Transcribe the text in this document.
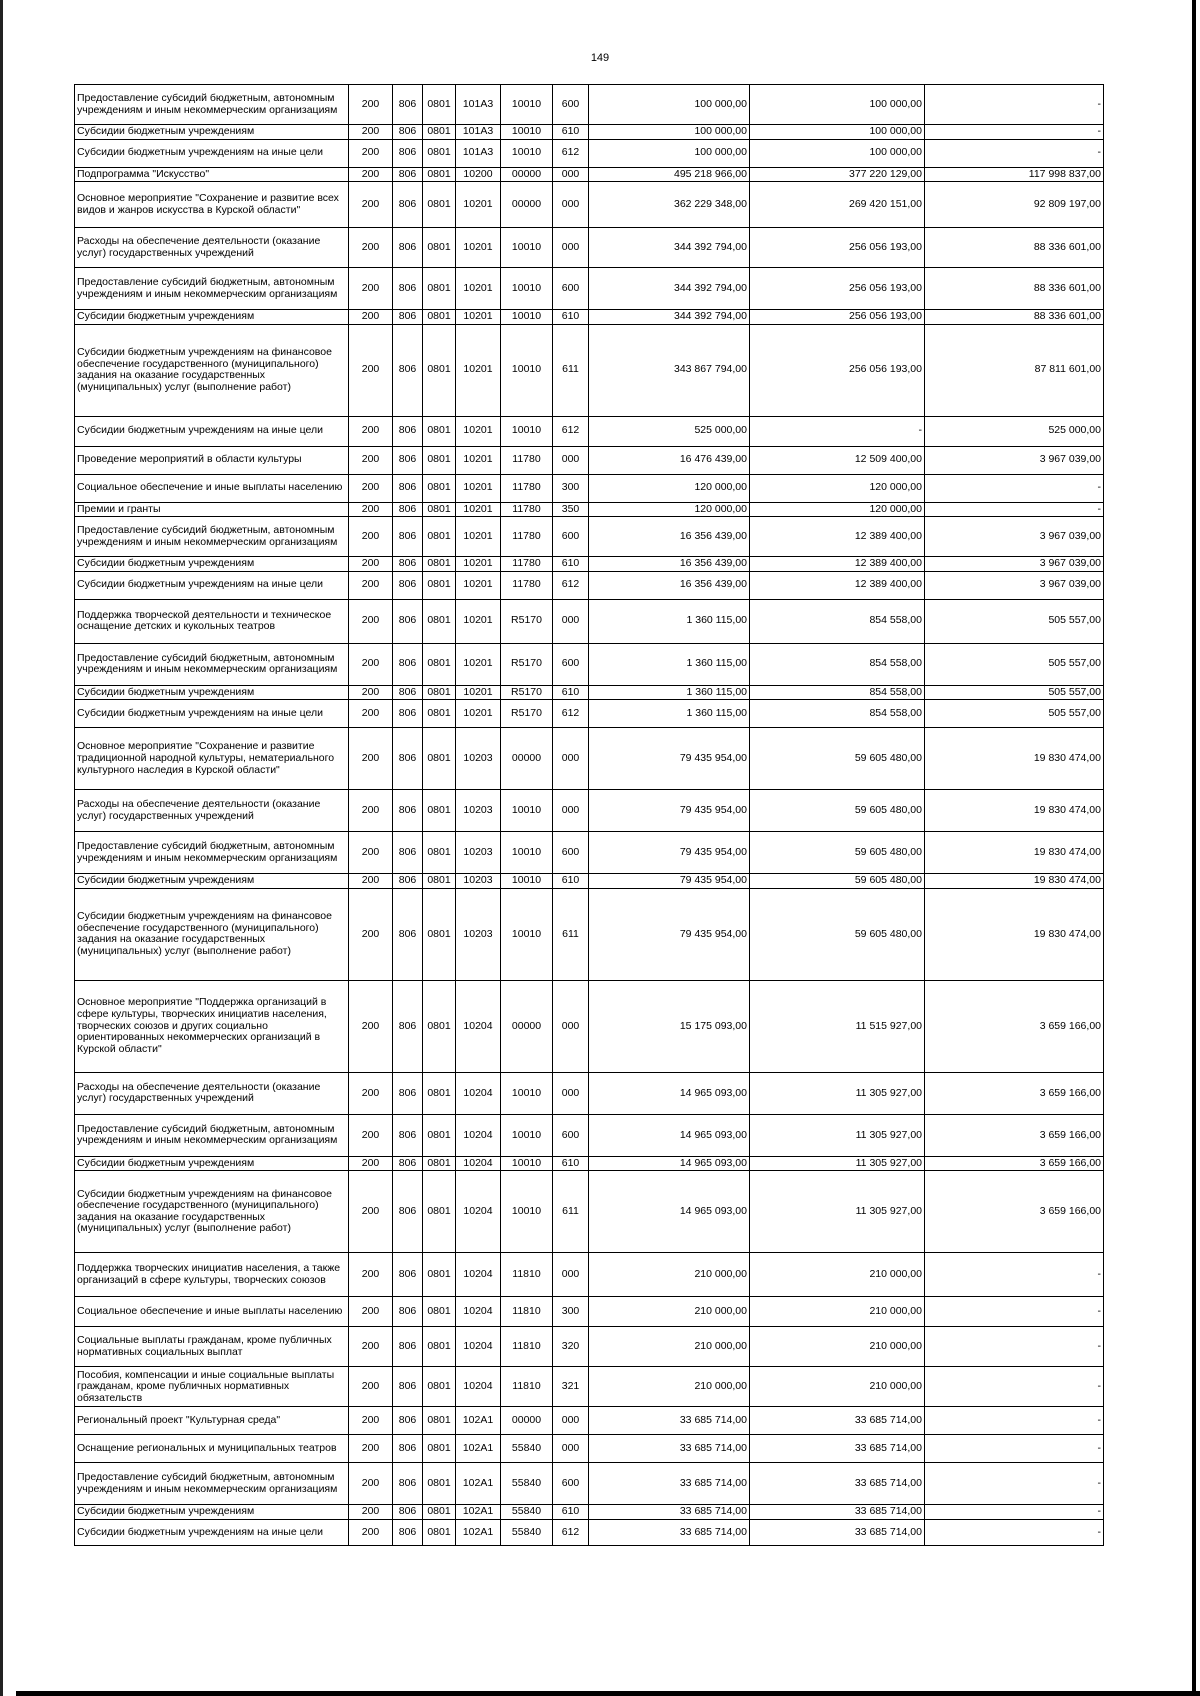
149
Предоставление субсидий бюджетным, автономным учреждениям и иным некоммерческим организациям	200	806	0801	101A3	10010	600	100 000,00	100 000,00	-
Субсидии бюджетным учреждениям	200	806	0801	101A3	10010	610	100 000,00	100 000,00	-
Субсидии бюджетным учреждениям на иные цели	200	806	0801	101A3	10010	612	100 000,00	100 000,00	-
Подпрограмма "Искусство"	200	806	0801	10200	00000	000	495 218 966,00	377 220 129,00	117 998 837,00
Основное мероприятие "Сохранение и развитие всех видов и жанров искусства в Курской области"	200	806	0801	10201	00000	000	362 229 348,00	269 420 151,00	92 809 197,00
Расходы на обеспечение деятельности (оказание услуг) государственных учреждений	200	806	0801	10201	10010	000	344 392 794,00	256 056 193,00	88 336 601,00
Предоставление субсидий бюджетным, автономным учреждениям и иным некоммерческим организациям	200	806	0801	10201	10010	600	344 392 794,00	256 056 193,00	88 336 601,00
Субсидии бюджетным учреждениям	200	806	0801	10201	10010	610	344 392 794,00	256 056 193,00	88 336 601,00
Субсидии бюджетным учреждениям на финансовое обеспечение государственного (муниципального) задания на оказание государственных (муниципальных) услуг (выполнение работ)	200	806	0801	10201	10010	611	343 867 794,00	256 056 193,00	87 811 601,00
Субсидии бюджетным учреждениям на иные цели	200	806	0801	10201	10010	612	525 000,00	-	525 000,00
Проведение мероприятий в области культуры	200	806	0801	10201	11780	000	16 476 439,00	12 509 400,00	3 967 039,00
Социальное обеспечение и иные выплаты населению	200	806	0801	10201	11780	300	120 000,00	120 000,00	-
Премии и гранты	200	806	0801	10201	11780	350	120 000,00	120 000,00	-
Предоставление субсидий бюджетным, автономным учреждениям и иным некоммерческим организациям	200	806	0801	10201	11780	600	16 356 439,00	12 389 400,00	3 967 039,00
Субсидии бюджетным учреждениям	200	806	0801	10201	11780	610	16 356 439,00	12 389 400,00	3 967 039,00
Субсидии бюджетным учреждениям на иные цели	200	806	0801	10201	11780	612	16 356 439,00	12 389 400,00	3 967 039,00
Поддержка творческой деятельности и техническое оснащение детских и кукольных театров	200	806	0801	10201	R5170	000	1 360 115,00	854 558,00	505 557,00
Предоставление субсидий бюджетным, автономным учреждениям и иным некоммерческим организациям	200	806	0801	10201	R5170	600	1 360 115,00	854 558,00	505 557,00
Субсидии бюджетным учреждениям	200	806	0801	10201	R5170	610	1 360 115,00	854 558,00	505 557,00
Субсидии бюджетным учреждениям на иные цели	200	806	0801	10201	R5170	612	1 360 115,00	854 558,00	505 557,00
Основное мероприятие "Сохранение и развитие традиционной народной культуры, нематериального культурного наследия в Курской области"	200	806	0801	10203	00000	000	79 435 954,00	59 605 480,00	19 830 474,00
Расходы на обеспечение деятельности (оказание услуг) государственных учреждений	200	806	0801	10203	10010	000	79 435 954,00	59 605 480,00	19 830 474,00
Предоставление субсидий бюджетным, автономным учреждениям и иным некоммерческим организациям	200	806	0801	10203	10010	600	79 435 954,00	59 605 480,00	19 830 474,00
Субсидии бюджетным учреждениям	200	806	0801	10203	10010	610	79 435 954,00	59 605 480,00	19 830 474,00
Субсидии бюджетным учреждениям на финансовое обеспечение государственного (муниципального) задания на оказание государственных (муниципальных) услуг (выполнение работ)	200	806	0801	10203	10010	611	79 435 954,00	59 605 480,00	19 830 474,00
Основное мероприятие "Поддержка организаций в сфере культуры, творческих инициатив населения, творческих союзов и других социально ориентированных некоммерческих организаций в Курской области"	200	806	0801	10204	00000	000	15 175 093,00	11 515 927,00	3 659 166,00
Расходы на обеспечение деятельности (оказание услуг) государственных учреждений	200	806	0801	10204	10010	000	14 965 093,00	11 305 927,00	3 659 166,00
Предоставление субсидий бюджетным, автономным учреждениям и иным некоммерческим организациям	200	806	0801	10204	10010	600	14 965 093,00	11 305 927,00	3 659 166,00
Субсидии бюджетным учреждениям	200	806	0801	10204	10010	610	14 965 093,00	11 305 927,00	3 659 166,00
Субсидии бюджетным учреждениям на финансовое обеспечение государственного (муниципального) задания на оказание государственных (муниципальных) услуг (выполнение работ)	200	806	0801	10204	10010	611	14 965 093,00	11 305 927,00	3 659 166,00
Поддержка творческих инициатив населения, а также организаций в сфере культуры, творческих союзов	200	806	0801	10204	11810	000	210 000,00	210 000,00	-
Социальное обеспечение и иные выплаты населению	200	806	0801	10204	11810	300	210 000,00	210 000,00	-
Социальные выплаты гражданам, кроме публичных нормативных социальных выплат	200	806	0801	10204	11810	320	210 000,00	210 000,00	-
Пособия, компенсации и иные социальные выплаты гражданам, кроме публичных нормативных обязательств	200	806	0801	10204	11810	321	210 000,00	210 000,00	-
Региональный проект "Культурная среда"	200	806	0801	102A1	00000	000	33 685 714,00	33 685 714,00	-
Оснащение региональных и муниципальных театров	200	806	0801	102A1	55840	000	33 685 714,00	33 685 714,00	-
Предоставление субсидий бюджетным, автономным учреждениям и иным некоммерческим организациям	200	806	0801	102A1	55840	600	33 685 714,00	33 685 714,00	-
Субсидии бюджетным учреждениям	200	806	0801	102A1	55840	610	33 685 714,00	33 685 714,00	-
Субсидии бюджетным учреждениям на иные цели	200	806	0801	102A1	55840	612	33 685 714,00	33 685 714,00	-
